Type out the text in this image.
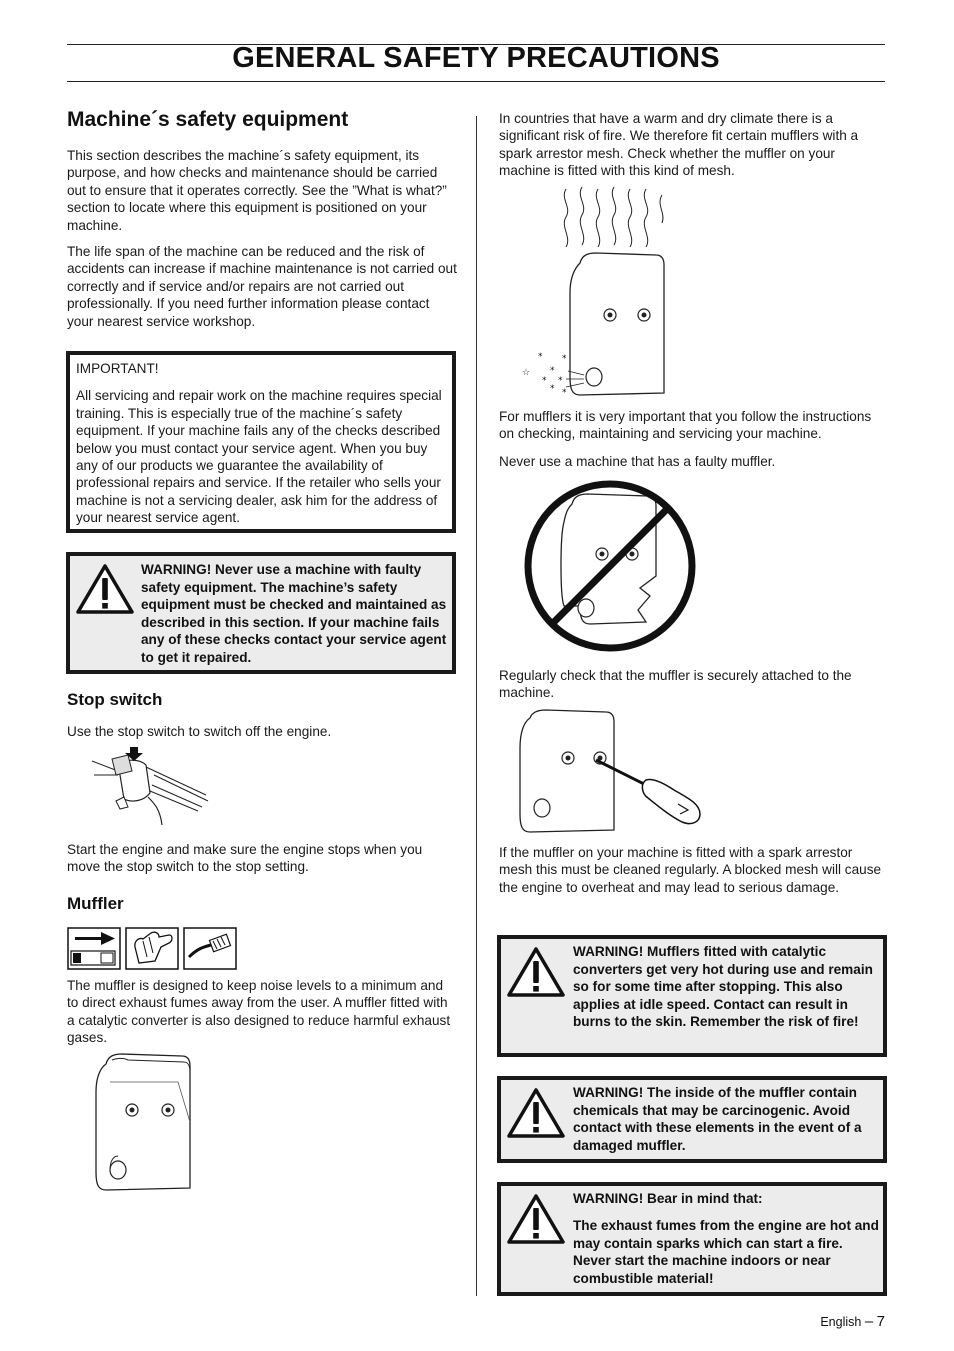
GENERAL SAFETY PRECAUTIONS
Machine´s safety equipment
This section describes the machine´s safety equipment, its purpose, and how checks and maintenance should be carried out to ensure that it operates correctly. See the ”What is what?” section to locate where this equipment is positioned on your machine.
The life span of the machine can be reduced and the risk of accidents can increase if machine maintenance is not carried out correctly and if service and/or repairs are not carried out professionally. If you need further information please contact your nearest service workshop.
IMPORTANT!
All servicing and repair work on the machine requires special training. This is especially true of the machine´s safety equipment. If your machine fails any of the checks described below you must contact your service agent. When you buy any of our products we guarantee the availability of professional repairs and service. If the retailer who sells your machine is not a servicing dealer, ask him for the address of your nearest service agent.
WARNING! Never use a machine with faulty safety equipment. The machine’s safety equipment must be checked and maintained as described in this section. If your machine fails any of these checks contact your service agent to get it repaired.
Stop switch
Use the stop switch to switch off the engine.
Start the engine and make sure the engine stops when you move the stop switch to the stop setting.
Muffler
The muffler is designed to keep noise levels to a minimum and to direct exhaust fumes away from the user. A muffler fitted with a catalytic converter is also designed to reduce harmful exhaust gases.
In countries that have a warm and dry climate there is a significant risk of fire. We therefore fit certain mufflers with a spark arrestor mesh. Check whether the muffler on your machine is fitted with this kind of mesh.
* *
*
☆
* *
* *
For mufflers it is very important that you follow the instructions on checking, maintaining and servicing your machine.
Never use a machine that has a faulty muffler.
Regularly check that the muffler is securely attached to the machine.
If the muffler on your machine is fitted with a spark arrestor mesh this must be cleaned regularly. A blocked mesh will cause the engine to overheat and may lead to serious damage.
WARNING! Mufflers fitted with catalytic converters get very hot during use and remain so for some time after stopping. This also applies at idle speed. Contact can result in burns to the skin. Remember the risk of fire!
WARNING! The inside of the muffler contain chemicals that may be carcinogenic. Avoid contact with these elements in the event of a damaged muffler.
WARNING! Bear in mind that:
The exhaust fumes from the engine are hot and may contain sparks which can start a fire. Never start the machine indoors or near combustible material!
English – 7
